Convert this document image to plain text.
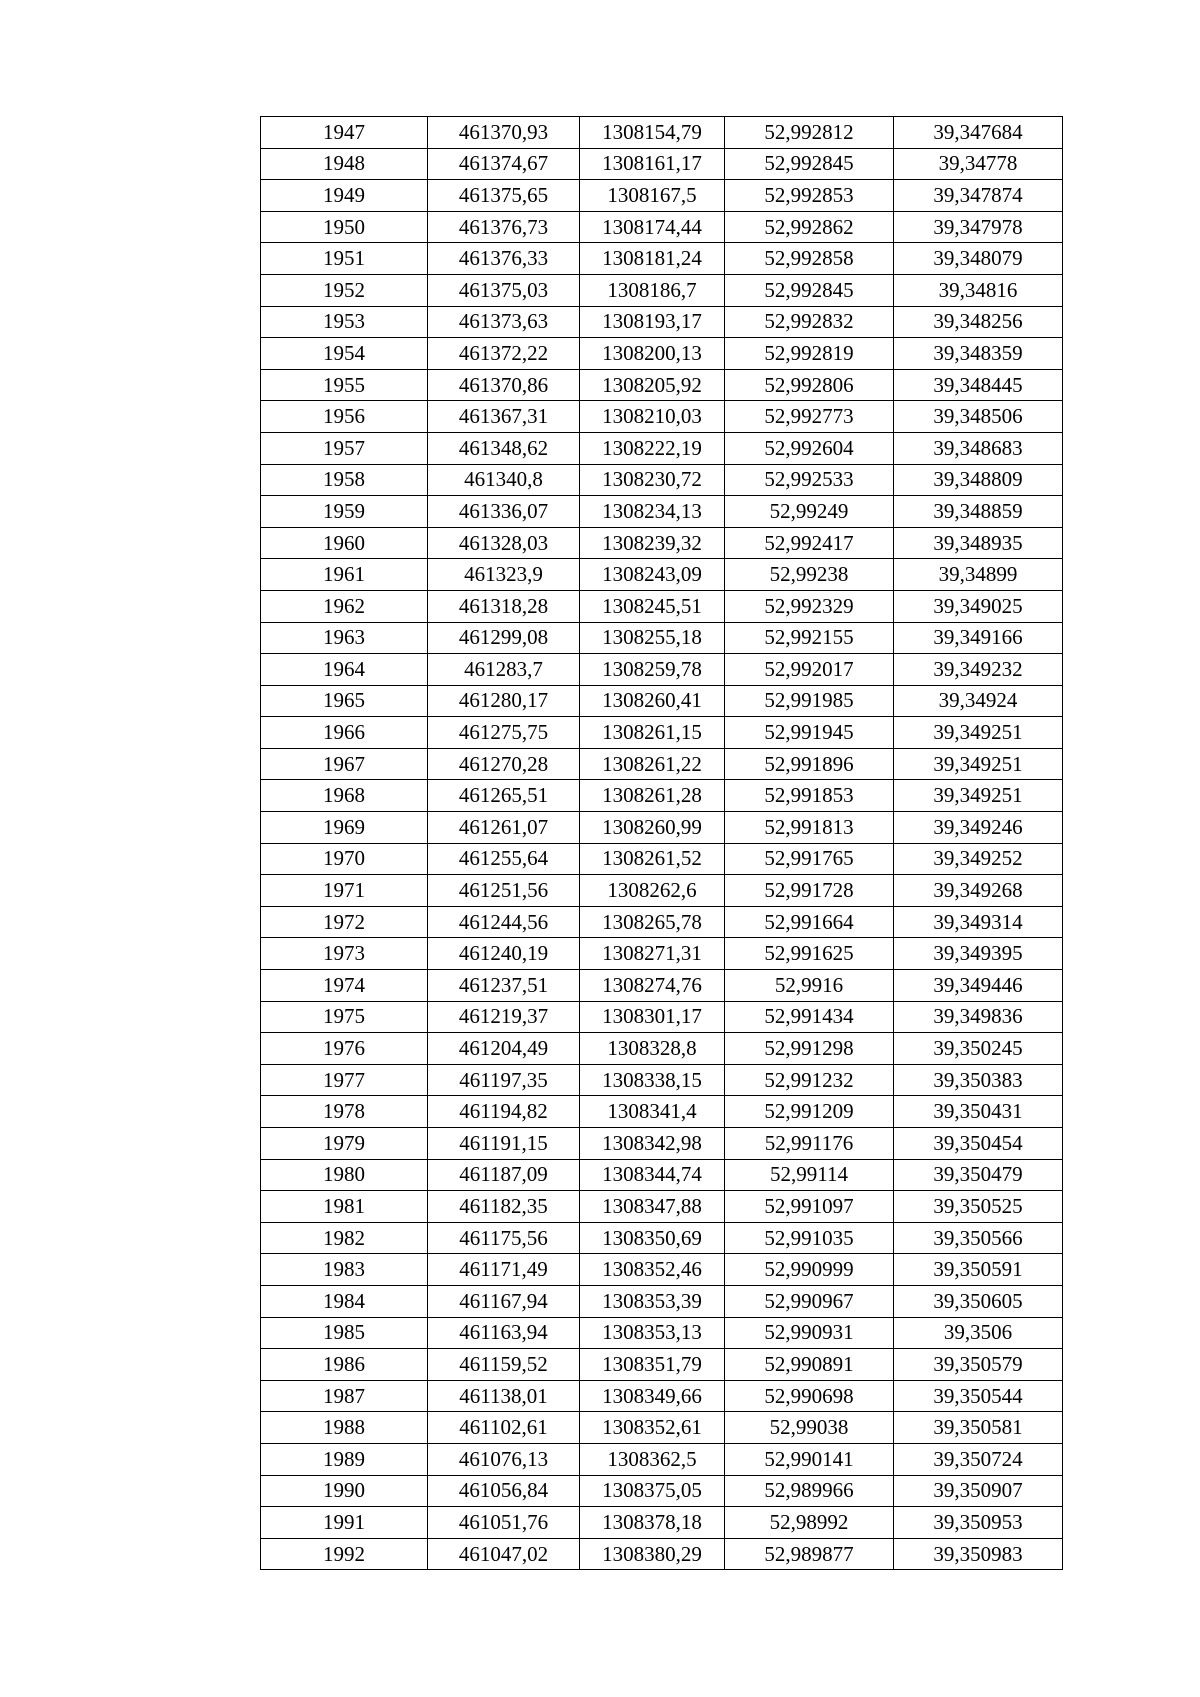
1947	461370,93	1308154,79	52,992812	39,347684
1948	461374,67	1308161,17	52,992845	39,34778
1949	461375,65	1308167,5	52,992853	39,347874
1950	461376,73	1308174,44	52,992862	39,347978
1951	461376,33	1308181,24	52,992858	39,348079
1952	461375,03	1308186,7	52,992845	39,34816
1953	461373,63	1308193,17	52,992832	39,348256
1954	461372,22	1308200,13	52,992819	39,348359
1955	461370,86	1308205,92	52,992806	39,348445
1956	461367,31	1308210,03	52,992773	39,348506
1957	461348,62	1308222,19	52,992604	39,348683
1958	461340,8	1308230,72	52,992533	39,348809
1959	461336,07	1308234,13	52,99249	39,348859
1960	461328,03	1308239,32	52,992417	39,348935
1961	461323,9	1308243,09	52,99238	39,34899
1962	461318,28	1308245,51	52,992329	39,349025
1963	461299,08	1308255,18	52,992155	39,349166
1964	461283,7	1308259,78	52,992017	39,349232
1965	461280,17	1308260,41	52,991985	39,34924
1966	461275,75	1308261,15	52,991945	39,349251
1967	461270,28	1308261,22	52,991896	39,349251
1968	461265,51	1308261,28	52,991853	39,349251
1969	461261,07	1308260,99	52,991813	39,349246
1970	461255,64	1308261,52	52,991765	39,349252
1971	461251,56	1308262,6	52,991728	39,349268
1972	461244,56	1308265,78	52,991664	39,349314
1973	461240,19	1308271,31	52,991625	39,349395
1974	461237,51	1308274,76	52,9916	39,349446
1975	461219,37	1308301,17	52,991434	39,349836
1976	461204,49	1308328,8	52,991298	39,350245
1977	461197,35	1308338,15	52,991232	39,350383
1978	461194,82	1308341,4	52,991209	39,350431
1979	461191,15	1308342,98	52,991176	39,350454
1980	461187,09	1308344,74	52,99114	39,350479
1981	461182,35	1308347,88	52,991097	39,350525
1982	461175,56	1308350,69	52,991035	39,350566
1983	461171,49	1308352,46	52,990999	39,350591
1984	461167,94	1308353,39	52,990967	39,350605
1985	461163,94	1308353,13	52,990931	39,3506
1986	461159,52	1308351,79	52,990891	39,350579
1987	461138,01	1308349,66	52,990698	39,350544
1988	461102,61	1308352,61	52,99038	39,350581
1989	461076,13	1308362,5	52,990141	39,350724
1990	461056,84	1308375,05	52,989966	39,350907
1991	461051,76	1308378,18	52,98992	39,350953
1992	461047,02	1308380,29	52,989877	39,350983
